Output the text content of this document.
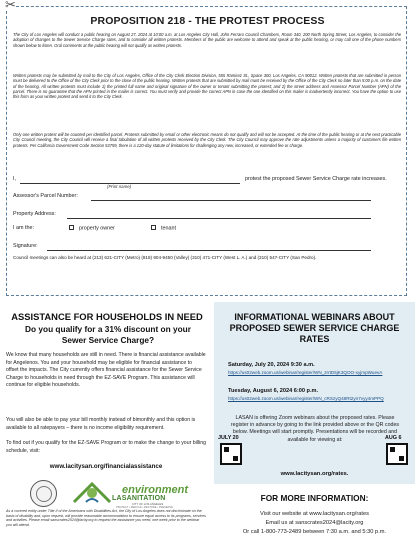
✂
PROPOSITION 218 - THE PROTEST PROCESS
The City of Los Angeles will conduct a public hearing on August 27, 2024 at 10:00 a.m. at Los Angeles City Hall, John Ferraro Council Chambers, Room 340, 200 North Spring Street, Los Angeles, to consider the adoption of changes to the Sewer Service Charge rates, and to consider all written protests. Members of the public are welcome to attend and speak at the public hearing, or may call one of the phone numbers shown below to listen. Oral comments at the public hearing will not qualify as written protests.
Written protests may be submitted by mail to the City of Los Angeles, Office of the City Clerk Election Division, 555 Ramirez St., Space 300, Los Angeles, CA 90012. Written protests that are submitted in person must be delivered to the Office of the City Clerk prior to the close of the public hearing. Written protests that are submitted by mail must be received by the Office of the City Clerk no later than 5:00 p.m. on the date of the hearing. All written protests must include 1) the printed full name and original signature of the owner or tenant submitting the protest; and 2) the street address and Assessor Parcel Number (APN) of the parcel. There is no guarantee that the APN printed in the mailer is correct. You must verify and provide the correct APN in case the one identified on this mailer is inadvertently incorrect. You have the option to use this form as your written protest and send it to the City Clerk.
Only one written protest will be counted per identified parcel. Protests submitted by email or other electronic means do not qualify and will not be accepted. At the time of the public hearing or at the next practicable City Council meeting, the City Council will receive a final tabulation of all written protests received by the City Clerk. The City Council may approve the rate adjustments unless a majority of customers file written protests. Per California Government Code Section 53759, there is a 120-day statute of limitations for challenging any new, increased, or extended fee or charge.
I,	protest the proposed Sewer Service Charge rate increases.
(Print name)
Assessor's Parcel Number:
Property Address:
I am the:	property owner	tenant
Signature:
Council meetings can also be heard at (213) 621-CITY (Metro) (818) 904-9450 (Valley) (310) 471-CITY (West L. A.) and (310) 547-CITY (San Pedro).
ASSISTANCE FOR HOUSEHOLDS IN NEED
Do you qualify for a 31% discount on your Sewer Service Charge?
We know that many households are still in need. There is financial assistance available for Angelenos. You and your household may be eligible for financial assistance to offset the impacts. The City currently offers financial assistance for the Sewer Service Charge to households in need through the EZ-SAVE Program. This assistance will continue for eligible households.
You will also be able to pay your bill monthly instead of bimonthly and this option is available to all ratepayers – there is no income eligibility requirement.
To find out if you qualify for the EZ-SAVE Program or to make the change to your billing schedule, visit:
www.lacitysan.org/financialassistance
environment
LASANITATION
CITY OF LOS ANGELES
PROTECT • REDUCE • RESTORE • PRESERVE
As a covered entity under Title II of the Americans with Disabilities Act, the City of Los Angeles does not discriminate on the basis of disability and, upon request, will provide reasonable accommodation to ensure equal access to its programs, services and activities. Please email sanscrates2024@lacity.org to request the assistance you need, one week prior to the webinar you will attend.
INFORMATIONAL WEBINARS ABOUT PROPOSED SEWER SERVICE CHARGE RATES
Saturday, July 20, 2024 9:30 a.m.
https://us02web.zoom.us/webinar/register/WN_zrrtD5jK3QOO-xyjmpWuevA
Tuesday, August 6, 2024 6:00 p.m.
https://us02web.zoom.us/webinar/register/WN_cRSzyQ48Rt2yn7vyy4mPPQ
LASAN is offering Zoom webinars about the proposed rates. Please register in advance by going to the link provided above or the QR codes below. Meetings will start promptly. Presentations will be recorded and available for viewing at:
JULY 20	AUG 6
www.lacitysan.org/rates.
FOR MORE INFORMATION:
Visit our website at www.lacitysan.org/rates
Email us at sanscrates2024@lacity.org
Or call 1-800-773-2489 between 7:30 a.m. and 5:30 p.m.
